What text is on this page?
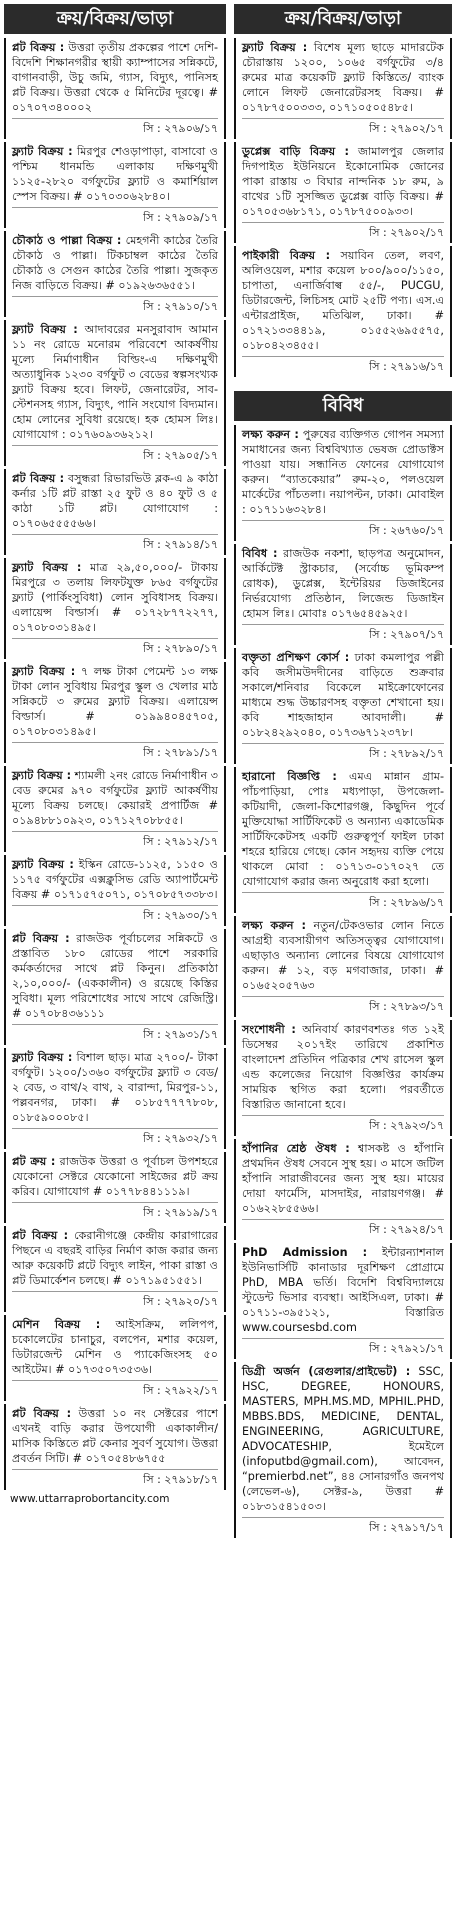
ক্রয়/বিক্রয়/ভাড়া
প্লট বিক্রয় : উত্তরা তৃতীয় প্রকল্পের পাশে দেশি-বিদেশি শিক্ষানগরীর স্থায়ী ক্যাম্পাসের সন্নিকটে, বাগানবাড়ী, উচু জমি, গ্যাস, বিদ্যুৎ, পানিসহ প্লট বিক্রয়। উত্তরা থেকে ৫ মিনিটের দূরত্বে। # ০১৭০৭৩৪০০০২
সি : ২৭৯০৬/১৭
ফ্ল্যাট বিক্রয় : মিরপুর শেওড়াপাড়া, বাসাবো ও পশ্চিম ধানমন্ডি এলাকায় দক্ষিণমুখী ১১২৫-২৮২০ বর্গফুটের ফ্ল্যাট ও কমার্শিয়াল স্পেস বিক্রয়। # ০১৭০৩০৬২৮৪০।
সি : ২৭৯০৯/১৭
চৌকাঠ ও পাল্লা বিক্রয় : মেহগনী কাঠের তৈরি চৌকাঠ ও পাল্লা। টিকচাম্বল কাঠের তৈরি চৌকাঠ ও সেগুন কাঠের তৈরি পাল্লা। সুজকৃত নিজ বাড়িতে বিক্রয়। # ০১৯২৬৩৬৫৫১।
সি : ২৭৯১০/১৭
ফ্ল্যাট বিক্রয় : আদাবরের মনসুরাবাদ আমান ১১ নং রোডে মনোরম পরিবেশে আকর্ষণীয় মূল্যে নির্মাণাধীন বিল্ডিং-এ দক্ষিণমুখী অত্যাধুনিক ১২৩০ বর্গফুট ৩ বেডের স্বল্পসংখ্যক ফ্ল্যাট বিক্রয় হবে। লিফট, জেনারেটর, সাব-স্টেশনসহ গ্যাস, বিদ্যুৎ, পানি সংযোগ বিদ্যমান। হোম লোনের সুবিধা রয়েছে। হক হোমস লিঃ। যোগাযোগ : ০১৭৬০৯৩৬২১২।
সি : ২৭৯০৫/১৭
প্লট বিক্রয় : বসুন্ধরা রিভারভিউ ব্লক-এ ৯ কাঠা কর্নার ১টি প্লট রাস্তা ২৫ ফুট ও ৪০ ফুট ও ৫ কাঠা ১টি প্লট। যোগাযোগ : ০১৭০৬৫৫৫৫৬৬।
সি : ২৭৯১৪/১৭
ফ্ল্যাট বিক্রয় : মাত্র ২৯,৫০,০০০/- টাকায় মিরপুরে ৩ তলায় লিফটযুক্ত ৮৬৫ বর্গফুটের ফ্ল্যাট (পার্কিংসুবিধা) লোন সুবিধাসহ বিক্রয়। এলায়েন্স বিল্ডার্স। # ০১৭২৮৭৭২২৭৭, ০১৭০৮০৩১৪৯৫।
সি : ২৭৮৯০/১৭
ফ্ল্যাট বিক্রয় : ৭ লক্ষ টাকা পেমেন্ট ১৩ লক্ষ টাকা লোন সুবিধায় মিরপুর স্কুল ও খেলার মাঠ সন্নিকটে ৩ রুমের ফ্ল্যাট বিক্রয়। এলায়েন্স বিল্ডার্স। # ০১৯৯৪০৪৫৭০৫, ০১৭০৮০৩১৪৯৫।
সি : ২৭৮৯১/১৭
ফ্ল্যাট বিক্রয় : শ্যামলী ২নং রোডে নির্মাণাধীন ৩ বেড রুমের ৯৭০ বর্গফুটের ফ্ল্যাট আকর্ষণীয় মূল্যে বিক্রয় চলছে। কেয়ারই প্রপার্টিজ # ০১৯৪৮৮১০৯২৩, ০১৭১২৭০৮৮৫৫।
সি : ২৭৯১২/১৭
ফ্ল্যাট বিক্রয় : ইস্কিন রোডে-১১২৫, ১১৫০ ও ১১৭৫ বর্গফুটের এক্সক্লুসিভ রেডি অ্যাপার্টমেন্ট বিক্রয় # ০১৭১৫৭৫০৭১, ০১৭০৮৫৭৩৩৮৩।
সি : ২৭৯৩০/১৭
প্লট বিক্রয় : রাজউক পূর্বাচলের সন্নিকটে ও প্রস্তাবিত ১৮০ রোডের পাশে সরকারি কর্মকর্তাদের সাথে প্লট কিনুন। প্রতিকাঠা ২,১০,০০০/- (এককালীন) ও রয়েছে কিস্তির সুবিধা। মূল্য পরিশোধের সাথে সাথে রেজিস্ট্রি। # ০১৭০৮৪৩৬১১১
সি : ২৭৯৩১/১৭
ফ্ল্যাট বিক্রয় : বিশাল ছাড়। মাত্র ২৭০০/- টাকা বর্গফুট। ১২০০/১৩৬০ বর্গফুটের ফ্ল্যাট ৩ বেড/২ বেড, ৩ বাথ/২ বাথ, ২ বারান্দা, মিরপুর-১১, পল্লবনগর, ঢাকা। # ০১৮৫৭৭৭৭৮০৮, ০১৮৫৯০০০৮৫।
সি : ২৭৯৩২/১৭
প্লট ক্রয় : রাজউক উত্তরা ও পূর্বাচল উপশহরে যেকোনো সেক্টরে যেকোনো সাইজের প্লট ক্রয় করিব। যোগাযোগ # ০১৭৭৮৪৪১১১৯।
সি : ২৭৯১৯/১৭
প্লট বিক্রয় : কেরানীগঞ্জে কেন্দ্রীয় কারাগারের পিছনে এ বছরই বাড়ির নির্মাণ কাজ করার জন্য আরু কয়েকটি প্লটে বিদ্যুৎ লাইন, পাকা রাস্তা ও প্লট ডিমার্কেশন চলছে। # ০১৭১৯৫১৫৫১।
সি : ২৭৯২০/১৭
মেশিন বিক্রয় : আইসক্রিম, ললিপপ, চকোলেটের চানাচুর, বলপেন, মশার কয়েল, ডিটারজেন্ট মেশিন ও প্যাকেজিংসহ ৫০ আইটেম। # ০১৭৩৫০৭৩৫৩৬।
সি : ২৭৯২২/১৭
প্লট বিক্রয় : উত্তরা ১০ নং সেক্টরের পাশে এখনই বাড়ি করার উপযোগী একাকালীন/মাসিক কিস্তিতে প্লট কেনার সুবর্ণ সুযোগ। উত্তরা প্রবর্তন সিটি। # ০১৭০৫৪৮৬৭৫৫
সি : ২৭৯১৮/১৭
www.uttarraprobortancity.com
ক্রয়/বিক্রয়/ভাড়া
ফ্ল্যাট বিক্রয় : বিশেষ মূল্য ছাড়ে মাদারটেক চৌরাস্তায় ১২০০, ১০৬৫ বর্গফুটের ৩/৪ রুমের মাত্র কয়েকটি ফ্ল্যাট কিস্তিতে/ ব্যাংক লোনে লিফট জেনারেটরসহ বিক্রয়। # ০১৭৮৭৫০০৩৩৩, ০১৭১০৫০৫৪৮৫।
সি : ২৭৯০২/১৭
ডুপ্লেক্স বাড়ি বিক্রয় : জামালপুর জেলার দিগপাইত ইউনিয়নে ইকোনোমিক জোনের পাকা রাস্তায় ৩ বিঘার নান্দনিক ১৮ রুম, ৯ বাথের ১টি সুসজ্জিত ডুপ্লেক্স বাড়ি বিক্রয়। # ০১৭০৫৩৬৮১৭১, ০১৭৮৭৫০০৯৩৩।
সি : ২৭৯০২/১৭
পাইকারী বিক্রয় : সয়াবিন তেল, লবণ, অলিওয়েল, মশার কয়েল ৮০০/৯০০/১১৫০, চাপাতা, এনার্জিবাল্ব ৫৫/-, PUCGU, ডিটারজেন্ট, লিচিসহ মোট ২৫টি পণ্য। এস.এ এন্টারপ্রাইজ, মতিঝিল, ঢাকা। # ০১৭২১৩৩৪৪১৯, ০১৫৫২৬৯৫৫৭৫, ০১৮০৪২৩৪৫৫।
সি : ২৭৯১৬/১৭
বিবিধ
লক্ষ্য করুন : পুরুষের ব্যক্তিগত গোপন সমস্যা সমাধানের জন্য বিশ্ববিখ্যাত ভেষজ প্রোডাক্টস পাওয়া যায়। সন্ধানিত ফোনের যোগাযোগ করুন। “ব্যাতকেয়ার” রুম-২০, পলওয়েল মার্কেটের পাঁচতলা। নয়াপল্টন, ঢাকা। মোবাইল : ০১৭১১৬৩২৮৪।
সি : ২৬৭৬০/১৭
বিবিধ : রাজউক নকশা, ছাড়পত্র অনুমোদন, আর্কিটেক্ট স্ট্রাকচার, (সর্বোচ্চ ভূমিকম্প রোধক), ডুপ্লেক্স, ইন্টেরিয়র ডিজাইনের নির্ভরযোগ্য প্রতিষ্ঠান, লিজেন্ড ডিজাইন হোমস লিঃ। মোবাঃ ০১৭৬৫৪৫৯২৫।
সি : ২৭৯০৭/১৭
বক্তৃতা প্রশিক্ষণ কোর্স : ঢাকা কমলাপুর পল্লী কবি জসীমউদদীনের বাড়িতে শুক্রবার সকালে/শনিবার বিকেলে মাইক্রোফোনের মাধ্যমে শুদ্ধ উচ্চারণসহ বক্তৃতা শেখানো হয়। কবি শাহজাহান আবদালী। # ০১৮২৪২৯২০৪০, ০১৭৩৬৭১২৩৭৮।
সি : ২৭৮৯২/১৭
হারানো বিজ্ঞপ্তি : এমএ মান্নান গ্রাম-পাঁচপাড়িয়া, পোঃ মধ্যপাড়া, উপজেলা-কটিয়াদী, জেলা-কিশোরগঞ্জ, কিছুদিন পূর্বে মুক্তিযোদ্ধা সার্টিফিকেট ও অন্যান্য একাডেমিক সার্টিফিকেটসহ একটি গুরুত্বপূর্ণ ফাইল ঢাকা শহরে হারিয়ে গেছে। কোন সহৃদয় ব্যক্তি পেয়ে থাকলে মোবা : ০১৭১৩-০১৭০২৭ তে যোগাযোগ করার জন্য অনুরোধ করা হলো।
সি : ২৭৮৯৬/১৭
লক্ষ্য করুন : নতুন/টেকওভার লোন নিতে আগ্রহী ব্যবসায়ীগণ অতিসত্ত্বর যোগাযোগ। এছাড়াও অন্যান্য লোনের বিষয়ে যোগাযোগ করুন। # ১২, বড় মগবাজার, ঢাকা। # ০১৬৫২০৫৭৬৩
সি : ২৭৮৯৩/১৭
সংশোধনী : অনিবার্য কারণবশতঃ গত ১২ই ডিসেম্বর ২০১৭ইং তারিখে প্রকাশিত বাংলাদেশ প্রতিদিন পত্রিকার শেখ রাসেল স্কুল এন্ড কলেজের নিয়োগ বিজ্ঞপ্তির কার্যক্রম সাময়িক স্থগিত করা হলো। পরবর্তীতে বিস্তারিত জানানো হবে।
সি : ২৭৯২৩/১৭
হাঁপানির শ্রেষ্ঠ ঔষধ : শ্বাসকষ্ট ও হাঁপানি প্রথমদিন ঔষধ সেবনে সুস্থ হয়। ৩ মাসে জটিল হাঁপানি সারাজীবনের জন্য সুস্থ হয়। মায়ের দোয়া ফার্মেসি, মাসদাইর, নারায়ণগঞ্জ। # ০১৬২২৮৫৫৬৬।
সি : ২৭৯২৪/১৭
PhD Admission : ইন্টারন্যাশনাল ইউনিভার্সিটি কানাডার দূরশিক্ষণ প্রোগ্রামে PhD, MBA ভর্তি। বিদেশি বিশ্ববিদ্যালয়ে স্টুডেন্ট ভিসার ব্যবস্থা। আইসিএল, ঢাকা। # ০১৭১১-৩৯৫১২১, বিস্তারিত www.coursesbd.com
সি : ২৭৯২১/১৭
ডিগ্রী অর্জন (রেগুলার/প্রাইভেট) : SSC, HSC, DEGREE, HONOURS, MASTERS, MPH.MS.MD, MPHIL.PHD, MBBS.BDS, MEDICINE, DENTAL, ENGINEERING, AGRICULTURE, ADVOCATESHIP, ইমেইলে (infoputbd@gmail.com), আবেদন, “premierbd.net”, ৪৪ সোনারগাঁও জনপথ (লেভেল-৬), সেক্টর-৯, উত্তরা # ০১৮৩১৫৪১৫০৩।
সি : ২৭৯১৭/১৭
